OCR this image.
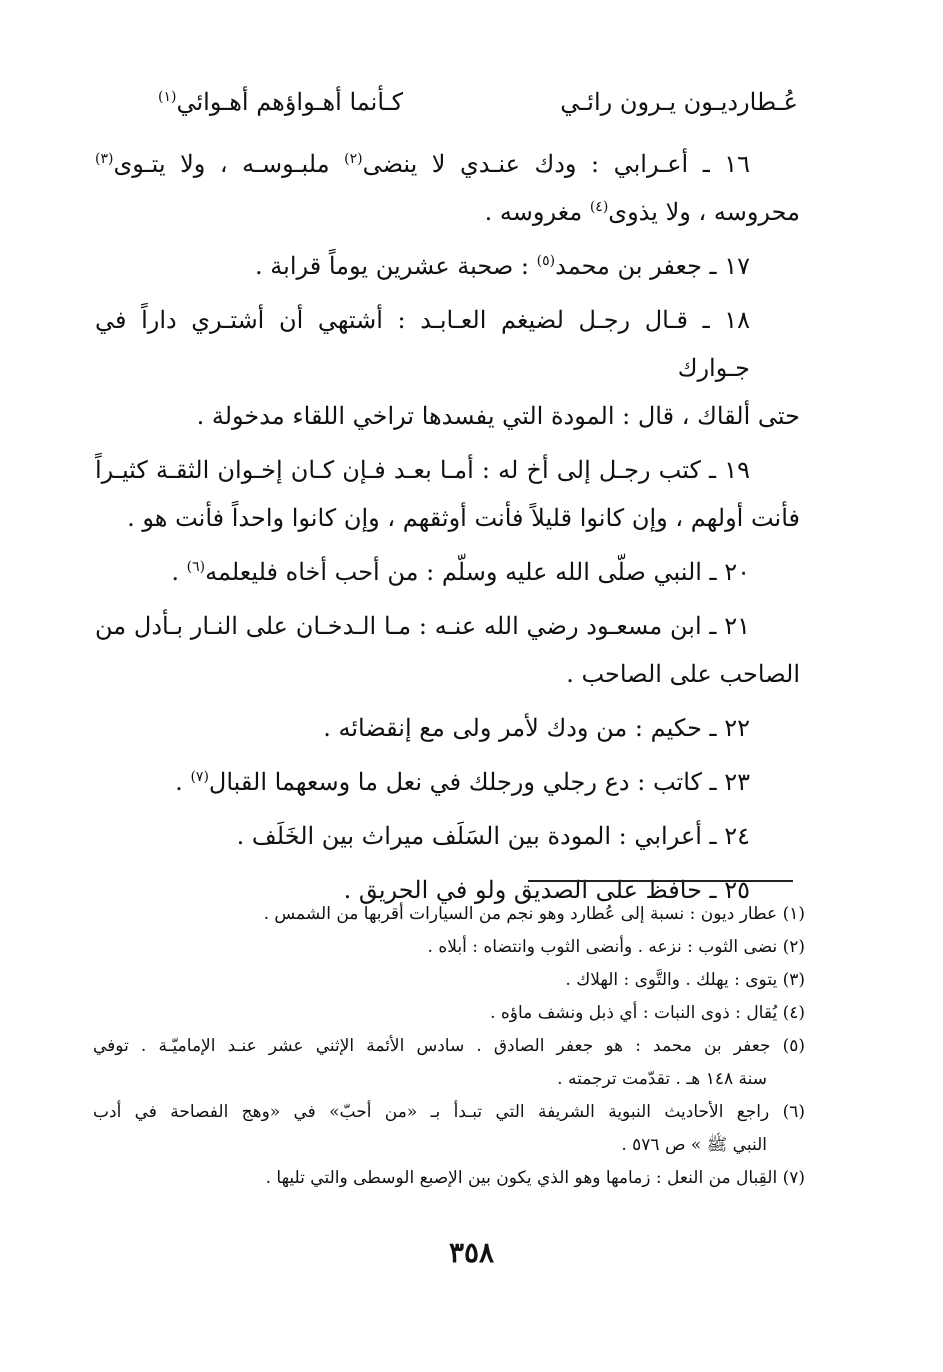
عُـطارديـون يـرون رائـي
كـأنما أهـواؤهم أهـوائي$^{(١)}$

١٦ ـ أعـرابي : ودك عنـدي لا ينضى$^{(٢)}$ ملبـوسـه ، ولا يتـوى$^{(٣)}$
محروسه ، ولا يذوى$^{(٤)}$ مغروسه .

١٧ ـ جعفر بن محمد$^{(٥)}$ : صحبة عشرين يوماً قرابة .

١٨ ـ قـال رجـل لضيغم العـابـد : أشتهي أن أشتـري داراً في جـوارك
حتى ألقاك ، قال : المودة التي يفسدها تراخي اللقاء مدخولة .

١٩ ـ كتب رجـل إلى أخ له : أمـا بعـد فـإن كـان إخـوان الثقـة كثيـراً
فأنت أولهم ، وإن كانوا قليلاً فأنت أوثقهم ، وإن كانوا واحداً فأنت هو .

٢٠ ـ النبي صلّى الله عليه وسلّم : من أحب أخاه فليعلمه$^{(٦)}$ .

٢١ ـ ابن مسعـود رضي الله عنـه : مـا الـدخـان على النـار بـأدل من
الصاحب على الصاحب .

٢٢ ـ حكيم : من ودك لأمر ولى مع إنقضائه .

٢٣ ـ كاتب : دع رجلي ورجلك في نعل ما وسعهما القبال$^{(٧)}$ .

٢٤ ـ أعرابي : المودة بين السَلَف ميراث بين الخَلَف .

٢٥ ـ حافظ على الصديق ولو في الحريق .

(١) عطار ديون : نسبة إلى عُطارد وهو نجم من السيارات أقربها من الشمس .
(٢) نضى الثوب : نزعه . وأنضى الثوب وانتضاه : أبلاه .
(٣) يتوى : يهلك . والتَّوى : الهلاك .
(٤) يُقال : ذوى النبات : أي ذبل ونشف ماؤه .
(٥) جعفر بن محمد : هو جعفر الصادق . سادس الأئمة الإثني عشر عنـد الإماميّـة . توفي
سنة ١٤٨ هـ . تقدّمت ترجمته .
(٦) راجع الأحاديث النبوية الشريفة التي تبـدأ بـ «من أحبّ» في «وهج الفصاحة في أدب
النبي ﷺ » ص ٥٧٦ .
(٧) القِبال من النعل : زمامها وهو الذي يكون بين الإصبع الوسطى والتي تليها .
٣٥٨
